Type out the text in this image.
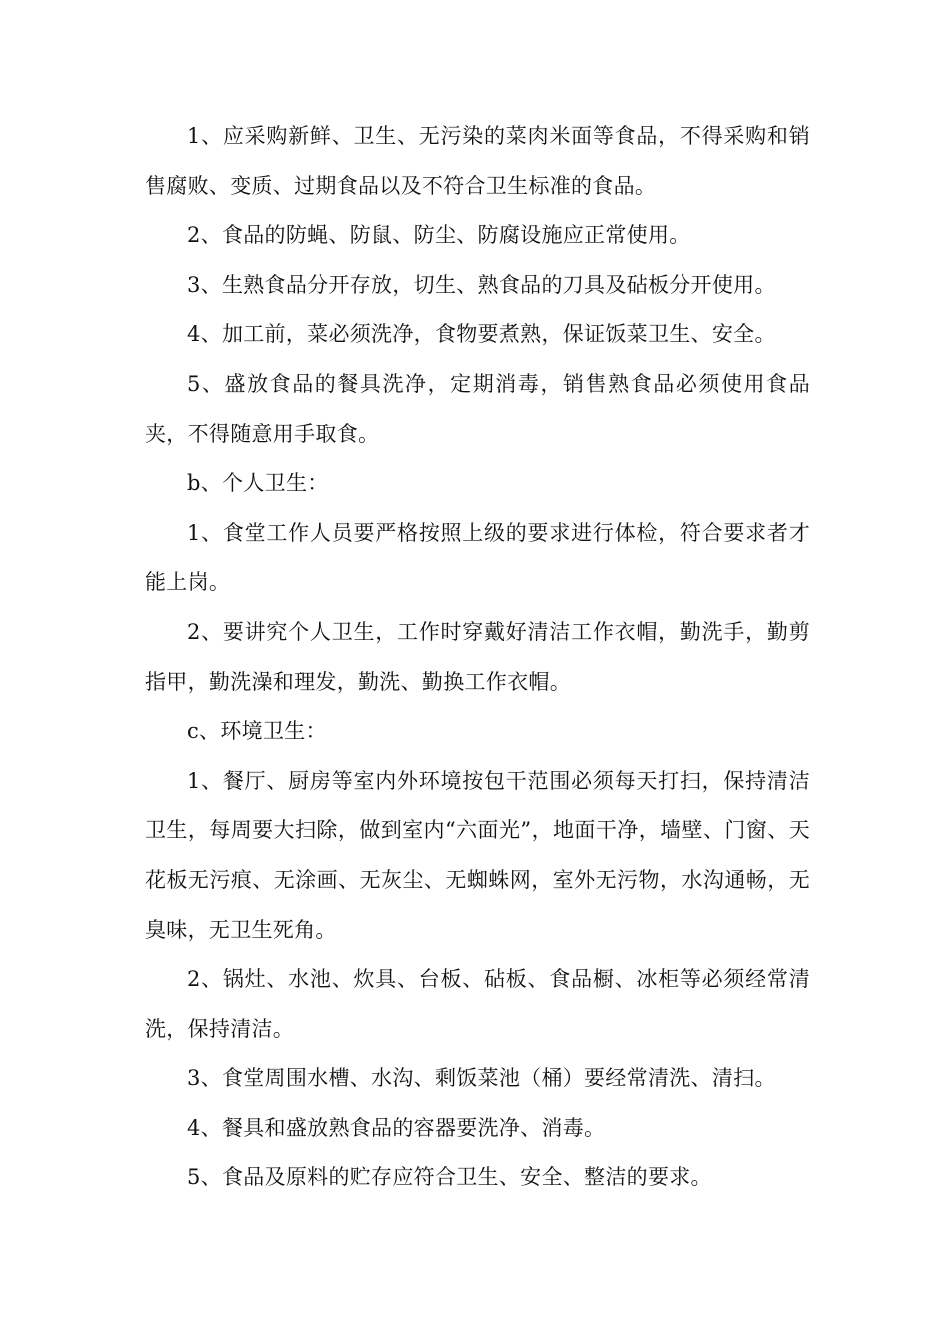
1、应采购新鲜、卫生、无污染的菜肉米面等食品，不得采购和销售腐败、变质、过期食品以及不符合卫生标准的食品。

2、食品的防蝇、防鼠、防尘、防腐设施应正常使用。

3、生熟食品分开存放，切生、熟食品的刀具及砧板分开使用。

4、加工前，菜必须洗净，食物要煮熟，保证饭菜卫生、安全。

5、盛放食品的餐具洗净，定期消毒，销售熟食品必须使用食品夹，不得随意用手取食。

b、个人卫生：

1、食堂工作人员要严格按照上级的要求进行体检，符合要求者才能上岗。

2、要讲究个人卫生，工作时穿戴好清洁工作衣帽，勤洗手，勤剪指甲，勤洗澡和理发，勤洗、勤换工作衣帽。

c、环境卫生：

1、餐厅、厨房等室内外环境按包干范围必须每天打扫，保持清洁卫生，每周要大扫除，做到室内“六面光”，地面干净，墙壁、门窗、天花板无污痕、无涂画、无灰尘、无蜘蛛网，室外无污物，水沟通畅，无臭味，无卫生死角。

2、锅灶、水池、炊具、台板、砧板、食品橱、冰柜等必须经常清洗，保持清洁。

3、食堂周围水槽、水沟、剩饭菜池（桶）要经常清洗、清扫。

4、餐具和盛放熟食品的容器要洗净、消毒。

5、食品及原料的贮存应符合卫生、安全、整洁的要求。
